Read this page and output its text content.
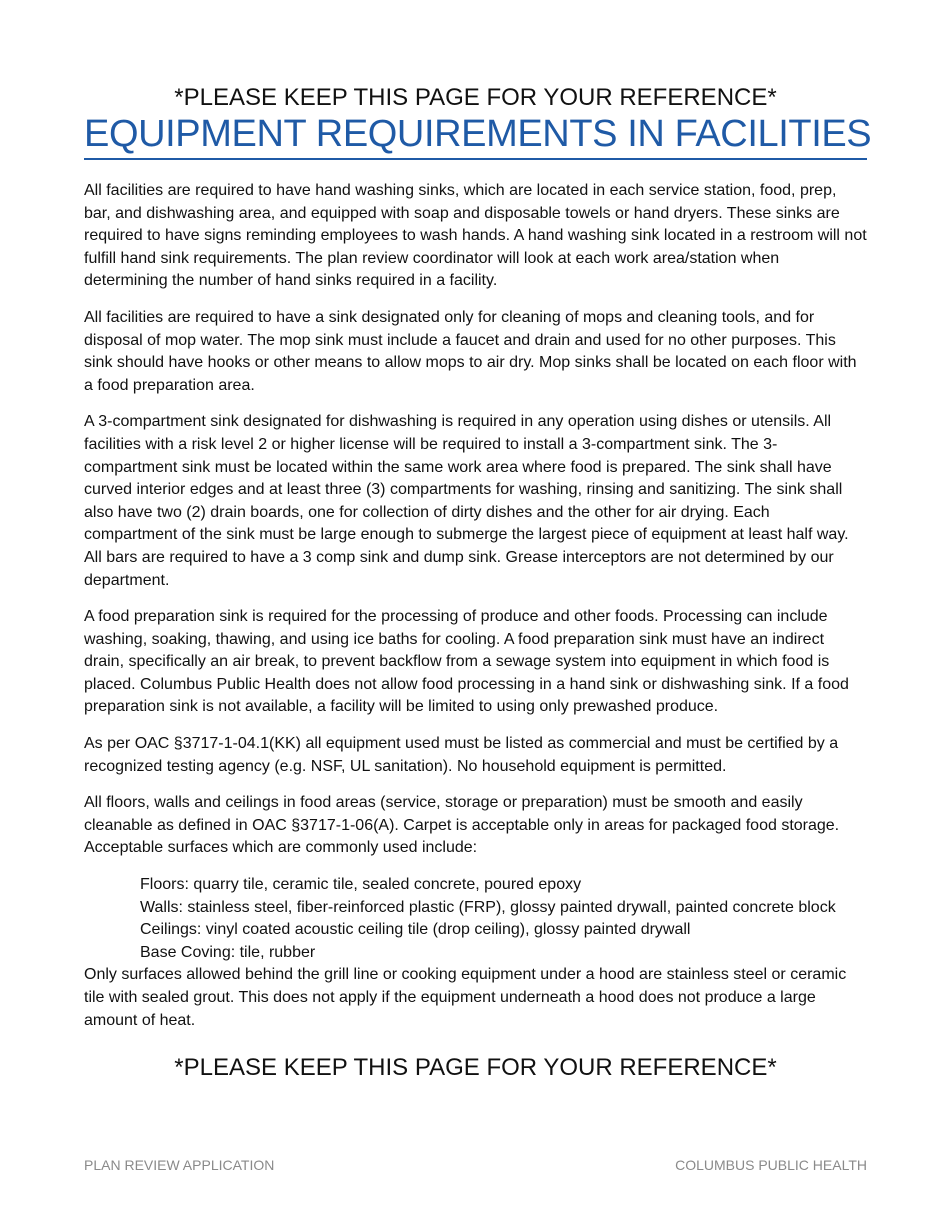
*PLEASE KEEP THIS PAGE FOR YOUR REFERENCE*
EQUIPMENT REQUIREMENTS IN FACILITIES

All facilities are required to have hand washing sinks, which are located in each service station, food, prep, bar, and dishwashing area, and equipped with soap and disposable towels or hand dryers. These sinks are required to have signs reminding employees to wash hands. A hand washing sink located in a restroom will not fulfill hand sink requirements. The plan review coordinator will look at each work area/station when determining the number of hand sinks required in a facility.

All facilities are required to have a sink designated only for cleaning of mops and cleaning tools, and for disposal of mop water. The mop sink must include a faucet and drain and used for no other purposes. This sink should have hooks or other means to allow mops to air dry. Mop sinks shall be located on each floor with a food preparation area.

A 3-compartment sink designated for dishwashing is required in any operation using dishes or utensils. All facilities with a risk level 2 or higher license will be required to install a 3-compartment sink. The 3-compartment sink must be located within the same work area where food is prepared. The sink shall have curved interior edges and at least three (3) compartments for washing, rinsing and sanitizing. The sink shall also have two (2) drain boards, one for collection of dirty dishes and the other for air drying. Each compartment of the sink must be large enough to submerge the largest piece of equipment at least half way. All bars are required to have a 3 comp sink and dump sink. Grease interceptors are not determined by our department.

A food preparation sink is required for the processing of produce and other foods. Processing can include washing, soaking, thawing, and using ice baths for cooling. A food preparation sink must have an indirect drain, specifically an air break, to prevent backflow from a sewage system into equipment in which food is placed. Columbus Public Health does not allow food processing in a hand sink or dishwashing sink. If a food preparation sink is not available, a facility will be limited to using only prewashed produce.

As per OAC §3717-1-04.1(KK) all equipment used must be listed as commercial and must be certified by a recognized testing agency (e.g. NSF, UL sanitation). No household equipment is permitted.

All floors, walls and ceilings in food areas (service, storage or preparation) must be smooth and easily cleanable as defined in OAC §3717-1-06(A). Carpet is acceptable only in areas for packaged food storage. Acceptable surfaces which are commonly used include:

Floors: quarry tile, ceramic tile, sealed concrete, poured epoxy
Walls: stainless steel, fiber-reinforced plastic (FRP), glossy painted drywall, painted concrete block
Ceilings: vinyl coated acoustic ceiling tile (drop ceiling), glossy painted drywall
Base Coving: tile, rubber

Only surfaces allowed behind the grill line or cooking equipment under a hood are stainless steel or ceramic tile with sealed grout. This does not apply if the equipment underneath a hood does not produce a large amount of heat.

*PLEASE KEEP THIS PAGE FOR YOUR REFERENCE*
PLAN REVIEW APPLICATION	COLUMBUS PUBLIC HEALTH
